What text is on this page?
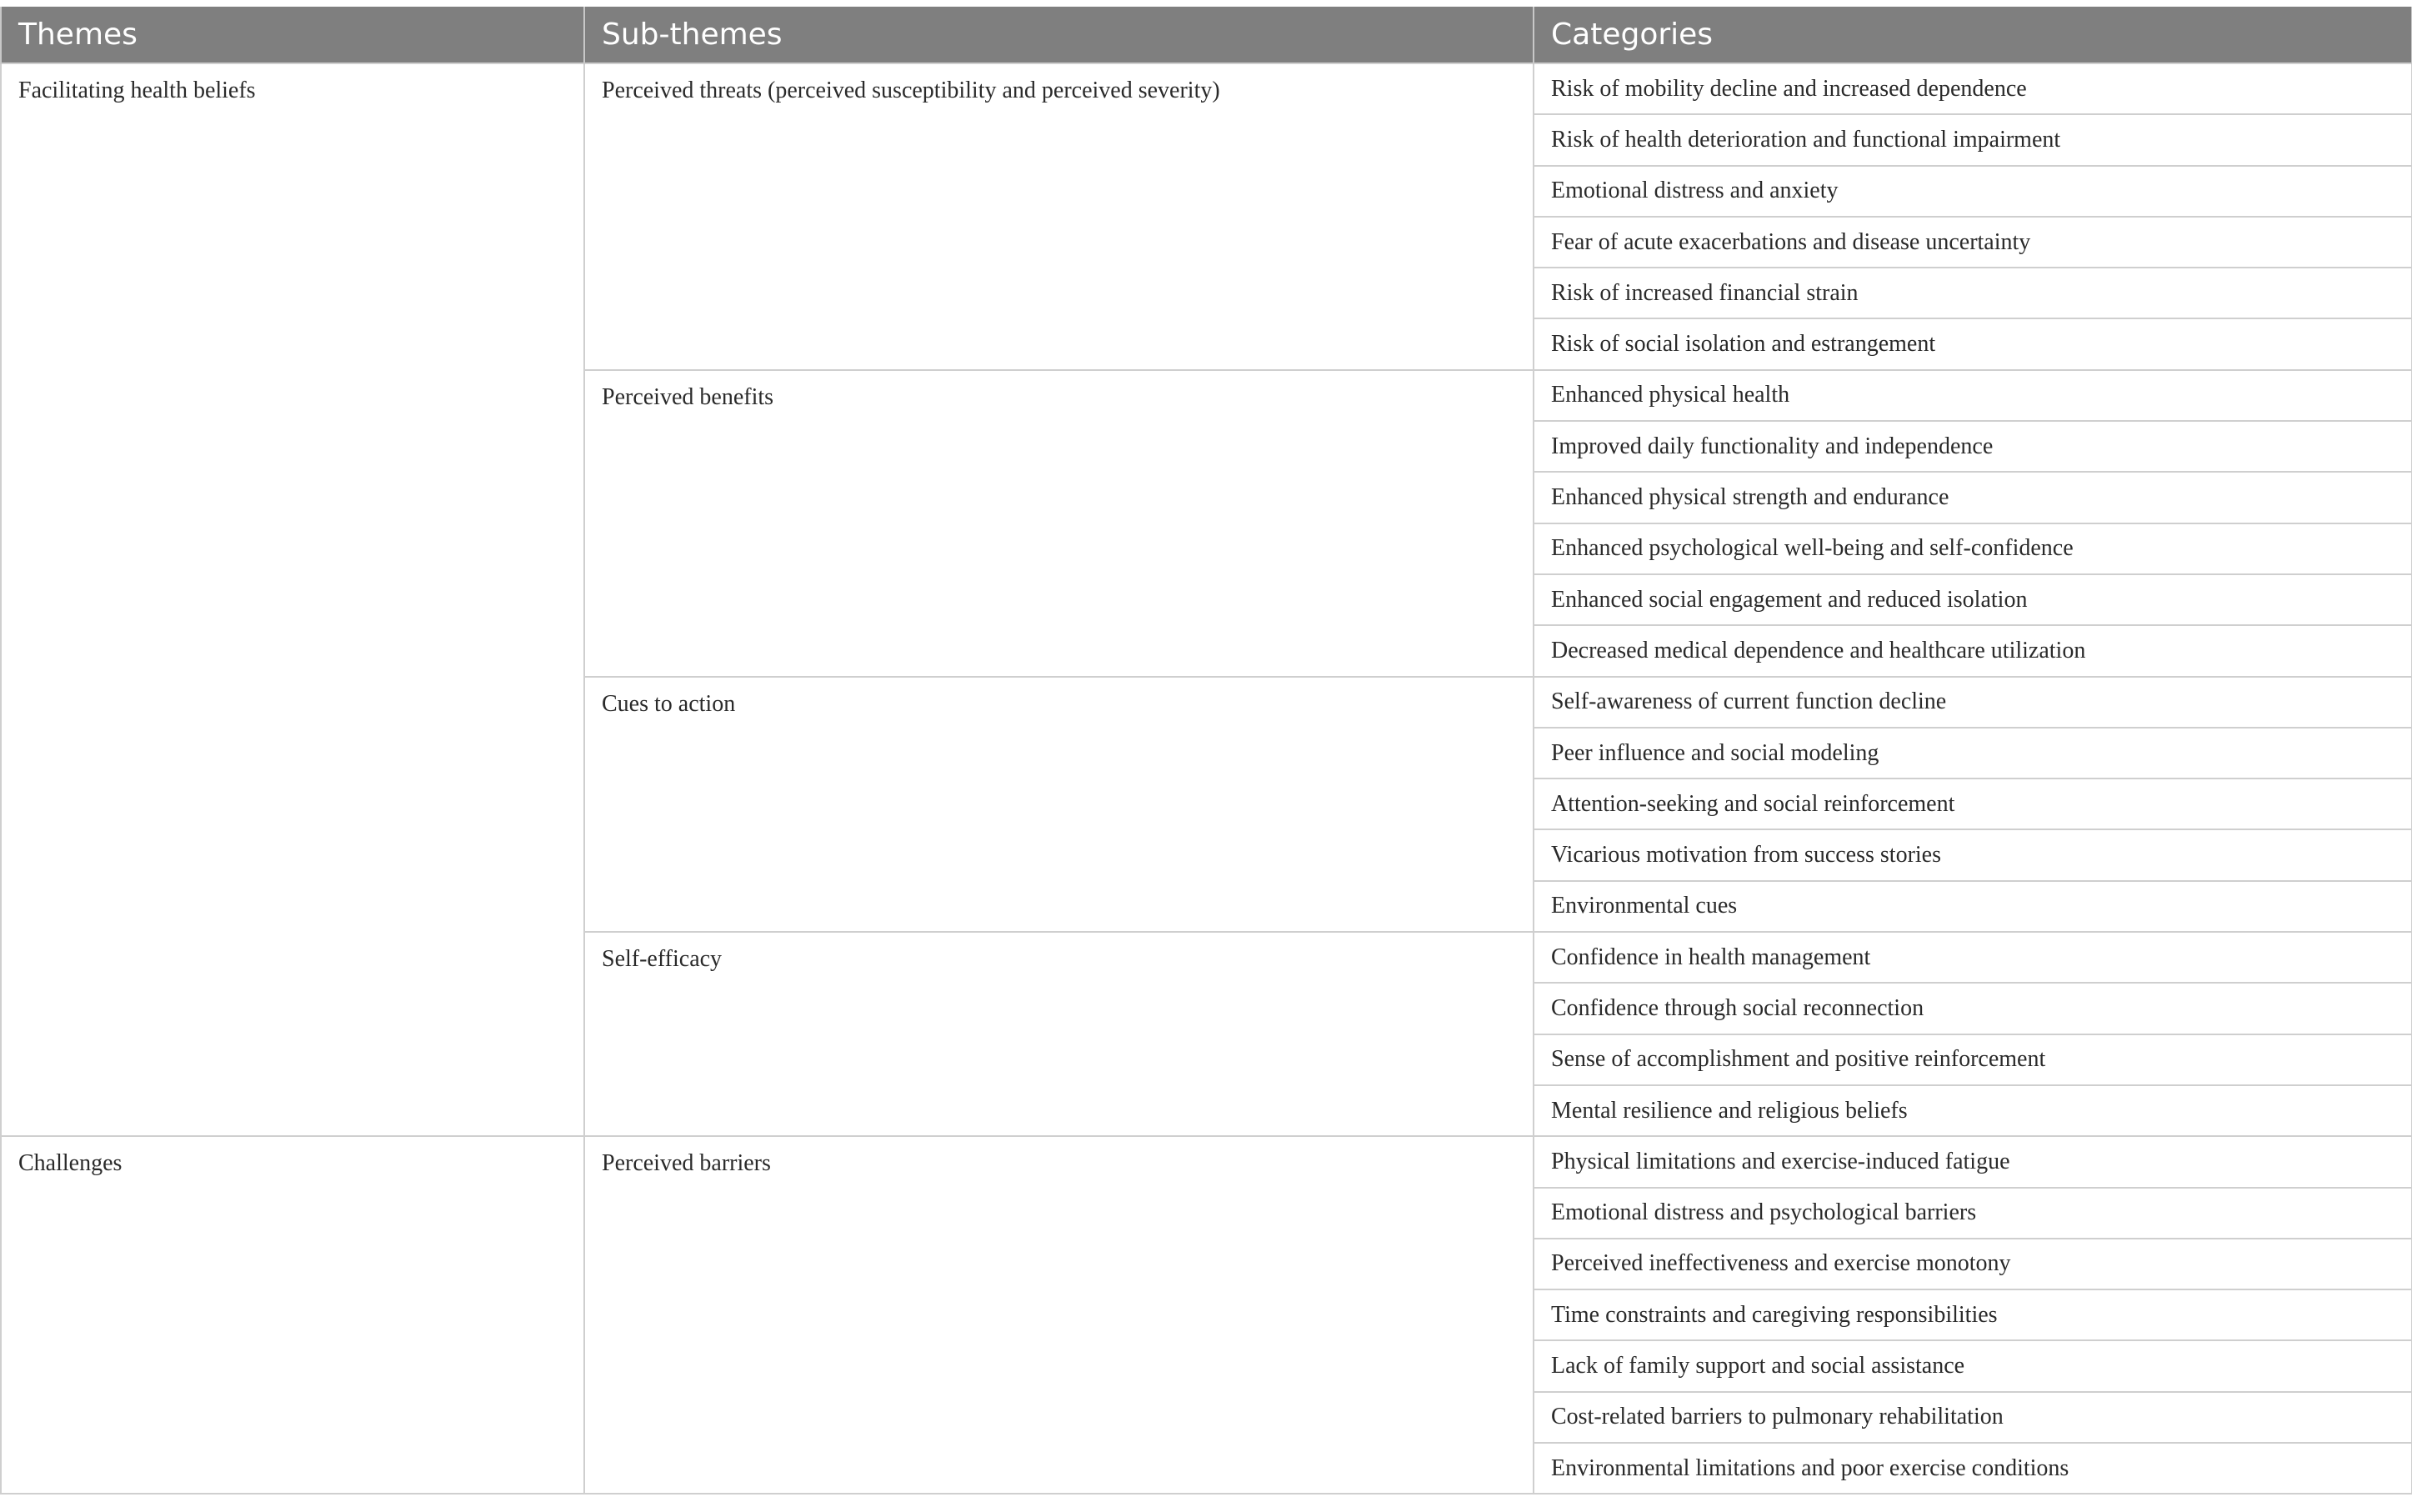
Themes	Sub-themes	Categories
Facilitating health beliefs	Perceived threats (perceived susceptibility and perceived severity)	Risk of mobility decline and increased dependence
		Risk of health deterioration and functional impairment
		Emotional distress and anxiety
		Fear of acute exacerbations and disease uncertainty
		Risk of increased financial strain
		Risk of social isolation and estrangement
	Perceived benefits	Enhanced physical health
		Improved daily functionality and independence
		Enhanced physical strength and endurance
		Enhanced psychological well-being and self-confidence
		Enhanced social engagement and reduced isolation
		Decreased medical dependence and healthcare utilization
	Cues to action	Self-awareness of current function decline
		Peer influence and social modeling
		Attention-seeking and social reinforcement
		Vicarious motivation from success stories
		Environmental cues
	Self-efficacy	Confidence in health management
		Confidence through social reconnection
		Sense of accomplishment and positive reinforcement
		Mental resilience and religious beliefs
Challenges	Perceived barriers	Physical limitations and exercise-induced fatigue
		Emotional distress and psychological barriers
		Perceived ineffectiveness and exercise monotony
		Time constraints and caregiving responsibilities
		Lack of family support and social assistance
		Cost-related barriers to pulmonary rehabilitation
		Environmental limitations and poor exercise conditions
